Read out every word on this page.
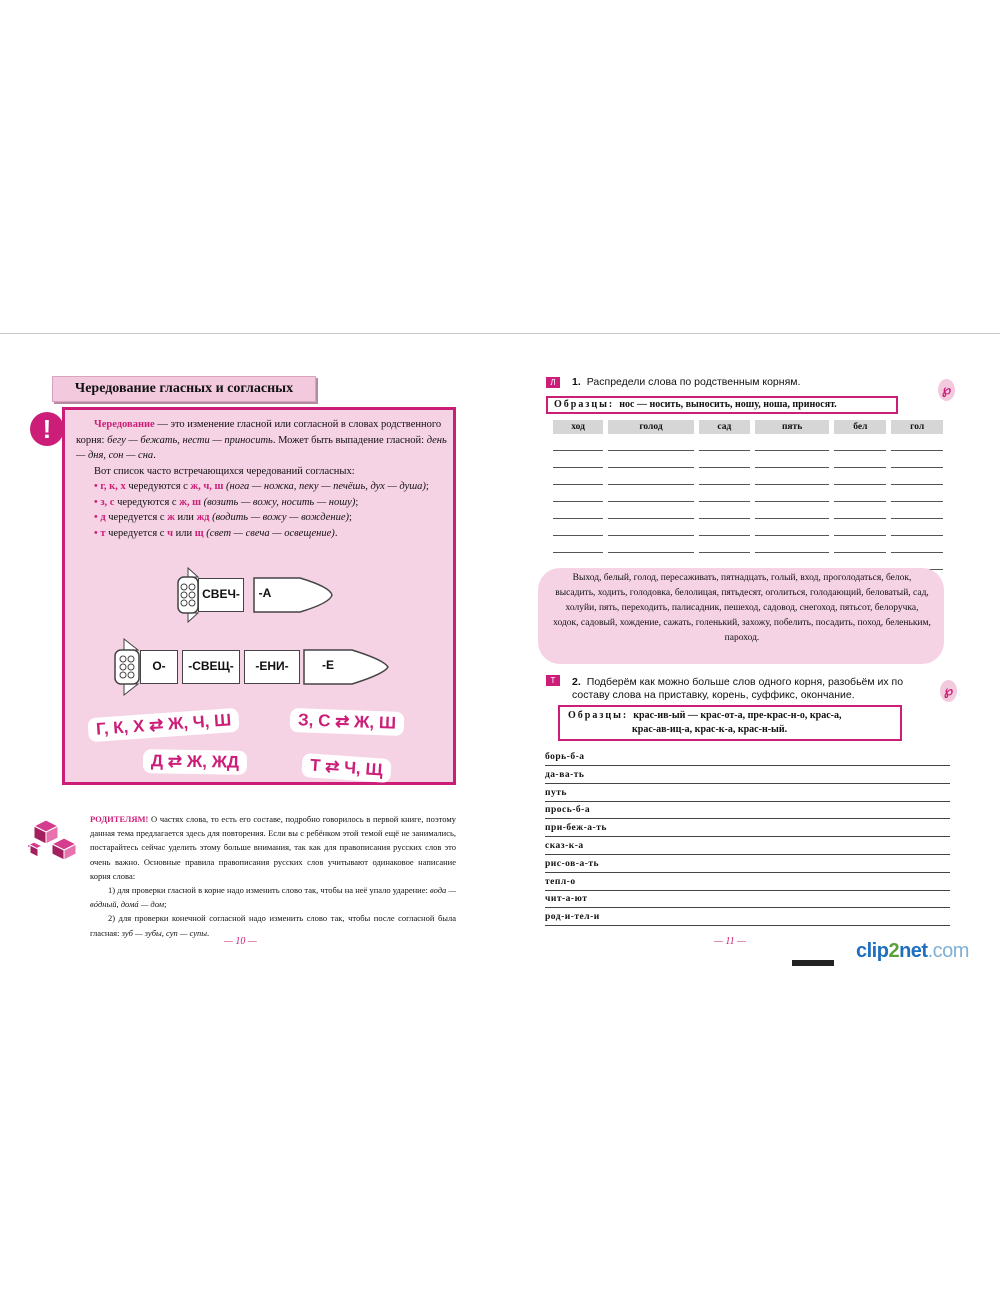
Чередование гласных и согласных
!	Чередование — это изменение гласной или согласной в словах родственного корня: бегу — бежать, нести — приносить. Может быть выпадение гласной: день — дня, сон — сна.

Вот список часто встречающихся чередований согласных:

• г, к, х чередуются с ж, ч, ш (нога — ножка, пеку — печёшь, дух — душа);

• з, с чередуются с ж, ш (возить — вожу, носить — ношу);

• д чередуется с ж или жд (водить — вожу — вождение);

• т чередуется с ч или щ (свет — свеча — освещение).

СВЕЧ-	-А
О-	-СВЕЩ-	-ЕНИ-	-Е
Г, К, Х ⇄ Ж, Ч, Ш	З, С ⇄ Ж, Ш
Д ⇄ Ж, ЖД	Т ⇄ Ч, Щ

РОДИТЕЛЯМ! О частях слова, то есть его составе, подробно говорилось в первой книге, поэтому данная тема предлагается здесь для повторения. Если вы с ребёнком этой темой ещё не занимались, постарайтесь сейчас уделить этому больше внимания, так как для правописания русских слов это очень важно. Основные правила правописания русских слов учитывают одинаковое написание корня слова:

1) для проверки гласной в корне надо изменить слово так, чтобы на неё упало ударение: вода — вóдный, домá — дом;

2) для проверки конечной согласной надо изменить слово так, чтобы после согласной была гласная: зуб — зубы, суп — супы.

— 10 —
Л	1. Распредели слова по родственным корням.	℘
Образцы: нос — носить, выносить, ношу, ноша, приносят.
ход	голод	сад	пять	бел	гол

Выход, белый, голод, пересаживать, пятнадцать, голый, вход, проголодаться, белок, высадить, ходить, голодовка, белолицая, пятьдесят, оголиться, голодающий, беловатый, сад, холуйи, пять, переходить, палисадник, пешеход, садовод, снегоход, пятьсот, белоручка, ходок, садовый, хождение, сажать, голенький, захожу, побелить, посадить, поход, беленьким, пароход.
Т	2. Подберём как можно больше слов одного корня, разобьём их по составу слова на приставку, корень, суффикс, окончание.	℘
Образцы: крас-ив-ый — крас-от-а, пре-крас-н-о, крас-а,
крас-ав-иц-а, крас-к-а, крас-н-ый.
борь-б-а
да-ва-ть
путь
прось-б-а
при-беж-а-ть
сказ-к-а
рис-ов-а-ть
тепл-о
чит-а-ют
род-и-тел-и
— 11 —	clip2net.com
